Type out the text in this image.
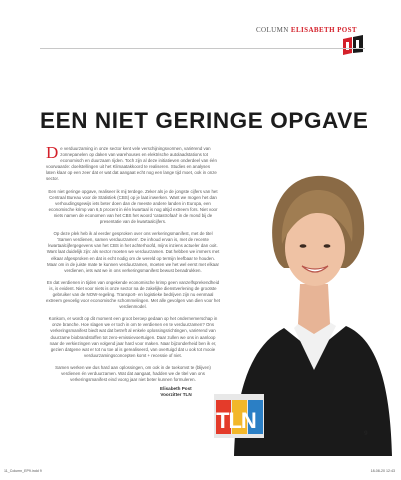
COLUMN ELISABETH POST
EEN NIET GERINGE OPGAVE

De verduurzaming in onze sector kent vele verschijningsvormen, variërend van zonnepanelen op daken van warehouses en elektrische autolaadstations tot economisch en duurzaam rijden. Toch zijn al deze initiatieven onderdeel van één voorwaarde: doelstellingen uit het Klimaatakkoord te realiseren. Studies en analyses laten klaar op een zeer dat er wat dat aangaat echt nog een lange tijd moet, ook in onze sector.

Een niet geringe opgave, realiseer ik mij terdege. Zeker als je de jongste cijfers van het Centraal Bureau voor de Statistiek (CBS) op je laat inwerken. Want we mogen het dan verhoudingsgewijs iets beter doen dan de meeste andere landen in Europa, een economische krimp van 6,5 procent in één kwartaal is nog altijd extreem fors. Niet voor niets namen de economen van het CBS het woord 'catastrofaal' in de mond bij de presentatie van de kwartaalcijfers.

Op deze plek heb ik al eerder gesproken over ons verkeringsmanifest, met de titel 'Samen verdienen, samen verduurzamen'. De inhoud ervan is, met de recente kwartaalcijfergegevens van het CBS in het achterhoofd, mijns inziens actueler dan ooit. Want laat duidelijk zijn: als sector moeten we verduurzamen. Dat hebben we immers met elkaar afgesproken en dat is echt nodig om de wereld op termijn leefbaar te houden. Maar om in de juiste mate te kunnen verduurzamen, moeten we het wel eerst met elkaar verdienen, iets wat we in ons verkeringsmanifest bewust benadrukken.

En dat verdienen in tijden van ongekende economische krimp geen vanzelfsprekendheid is, is evident. Niet voor niets is onze sector na de zakelijke dienstverlening de grootste gebruiker van de NOW-regeling. Transport- en logistieke bedrijven zijn nu eenmaal extreem gevoelig voor economische schommelingen. Met alle gevolgen van dien voor het verdienmodel.

Konkom, er wordt op dit moment een groot beroep gedaan op het ondernemerschap in onze branche. Hoe slagen we er toch in om te verdienen en te verduurzamen? Ons verkeringsmanifest biedt wat dat betreft al enkele oplossingsrichtingen, variërend van duurzame biobrandstoffen tot zero-emissievoertuigen. Daar zullen we ons in aanloop naar de verkiezingen van volgend jaar hard voor maken. Naar bijzonderheid ben ik er, gezien datgene wat er tot nu toe al is gerealiseerd, van overtuigd dat u ook tot mooie verduurzamingsconcepten komt + recessie of niet.

Samen werken we dus hard aan oplossingen, om ook in de toekomst te (blijven) verdienen én verduurzamen. Wat dat aangaat, hadden we de titel van ons verkeringsmanifest eind voorg jaar niet beter kunnen formuleren.

Elisabeth Post
Voorzitter TLN
TLN
9
11_Column_EP9.indd 9	18-08-20 12:43
